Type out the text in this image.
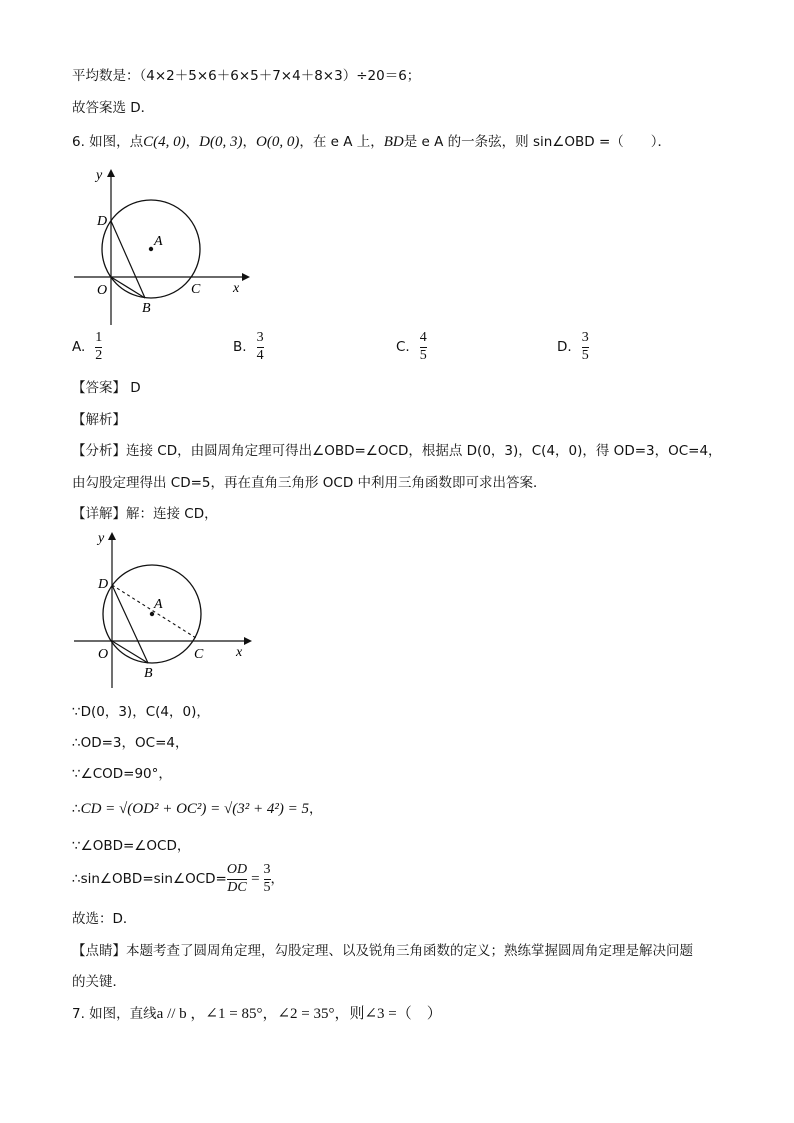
平均数是：（4×2＋5×6＋6×5＋7×4＋8×3）÷20＝6；
故答案选 D．
6. 如图，点C(4, 0)，D(0, 3)，O(0, 0)，在 e A 上，BD是 e A 的一条弦，则 sin∠OBD =（　　）．
y
x
O
D
A
B
C
A. $\frac{1}{2}$	B. $\frac{3}{4}$	C. $\frac{4}{5}$	D. $\frac{3}{5}$
【答案】 D
【解析】
【分析】连接 CD，由圆周角定理可得出∠OBD=∠OCD，根据点 D(0，3)，C(4，0)，得 OD=3，OC=4，
由勾股定理得出 CD=5，再在直角三角形 OCD 中利用三角函数即可求出答案．
【详解】解：连接 CD，
y
x
O
D
A
B
C
∵D(0，3)，C(4，0)，
∴OD=3，OC=4，
∵∠COD=90°，
∴CD = √(OD² + OC²) = √(3² + 4²) = 5，
∵∠OBD=∠OCD，
∴sin∠OBD=sin∠OCD= $\frac{OD}{DC} = \frac{3}{5}$ ，
故选：D．
【点睛】本题考查了圆周角定理，勾股定理、以及锐角三角函数的定义；熟练掌握圆周角定理是解决问题
的关键．
7. 如图，直线a // b ，∠1 = 85°，∠2 = 35°，则∠3 =（　）
